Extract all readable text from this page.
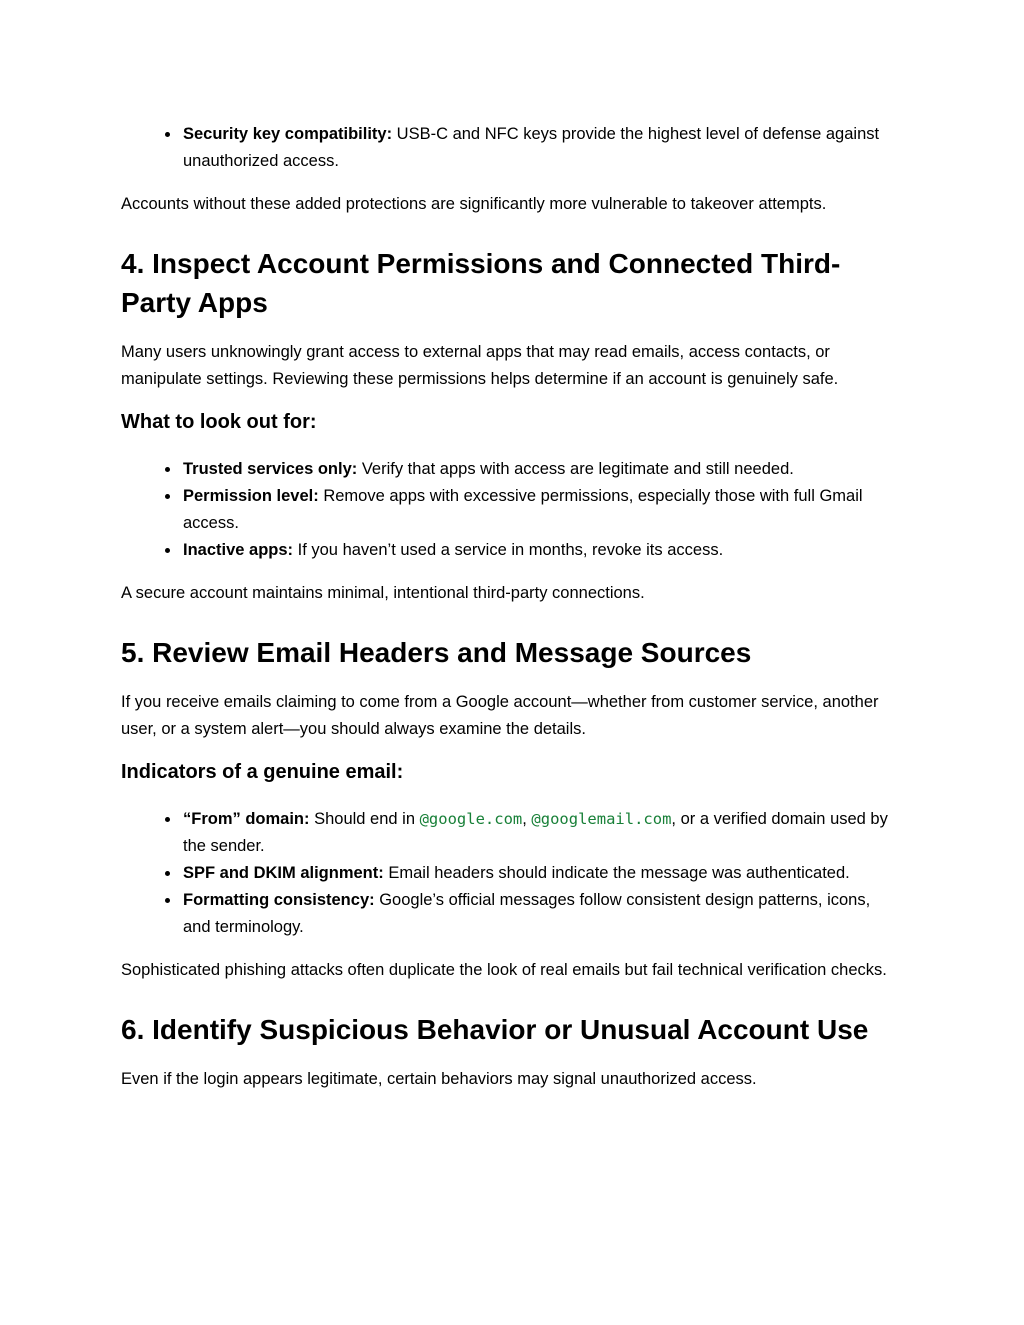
• Security key compatibility: USB-C and NFC keys provide the highest level of defense against unauthorized access.

Accounts without these added protections are significantly more vulnerable to takeover attempts.

4. Inspect Account Permissions and Connected Third-Party Apps

Many users unknowingly grant access to external apps that may read emails, access contacts, or manipulate settings. Reviewing these permissions helps determine if an account is genuinely safe.

What to look out for:
• Trusted services only: Verify that apps with access are legitimate and still needed.
• Permission level: Remove apps with excessive permissions, especially those with full Gmail access.
• Inactive apps: If you haven’t used a service in months, revoke its access.

A secure account maintains minimal, intentional third-party connections.

5. Review Email Headers and Message Sources

If you receive emails claiming to come from a Google account—whether from customer service, another user, or a system alert—you should always examine the details.

Indicators of a genuine email:
• “From” domain: Should end in @google.com, @googlemail.com, or a verified domain used by the sender.
• SPF and DKIM alignment: Email headers should indicate the message was authenticated.
• Formatting consistency: Google’s official messages follow consistent design patterns, icons, and terminology.

Sophisticated phishing attacks often duplicate the look of real emails but fail technical verification checks.

6. Identify Suspicious Behavior or Unusual Account Use

Even if the login appears legitimate, certain behaviors may signal unauthorized access.
